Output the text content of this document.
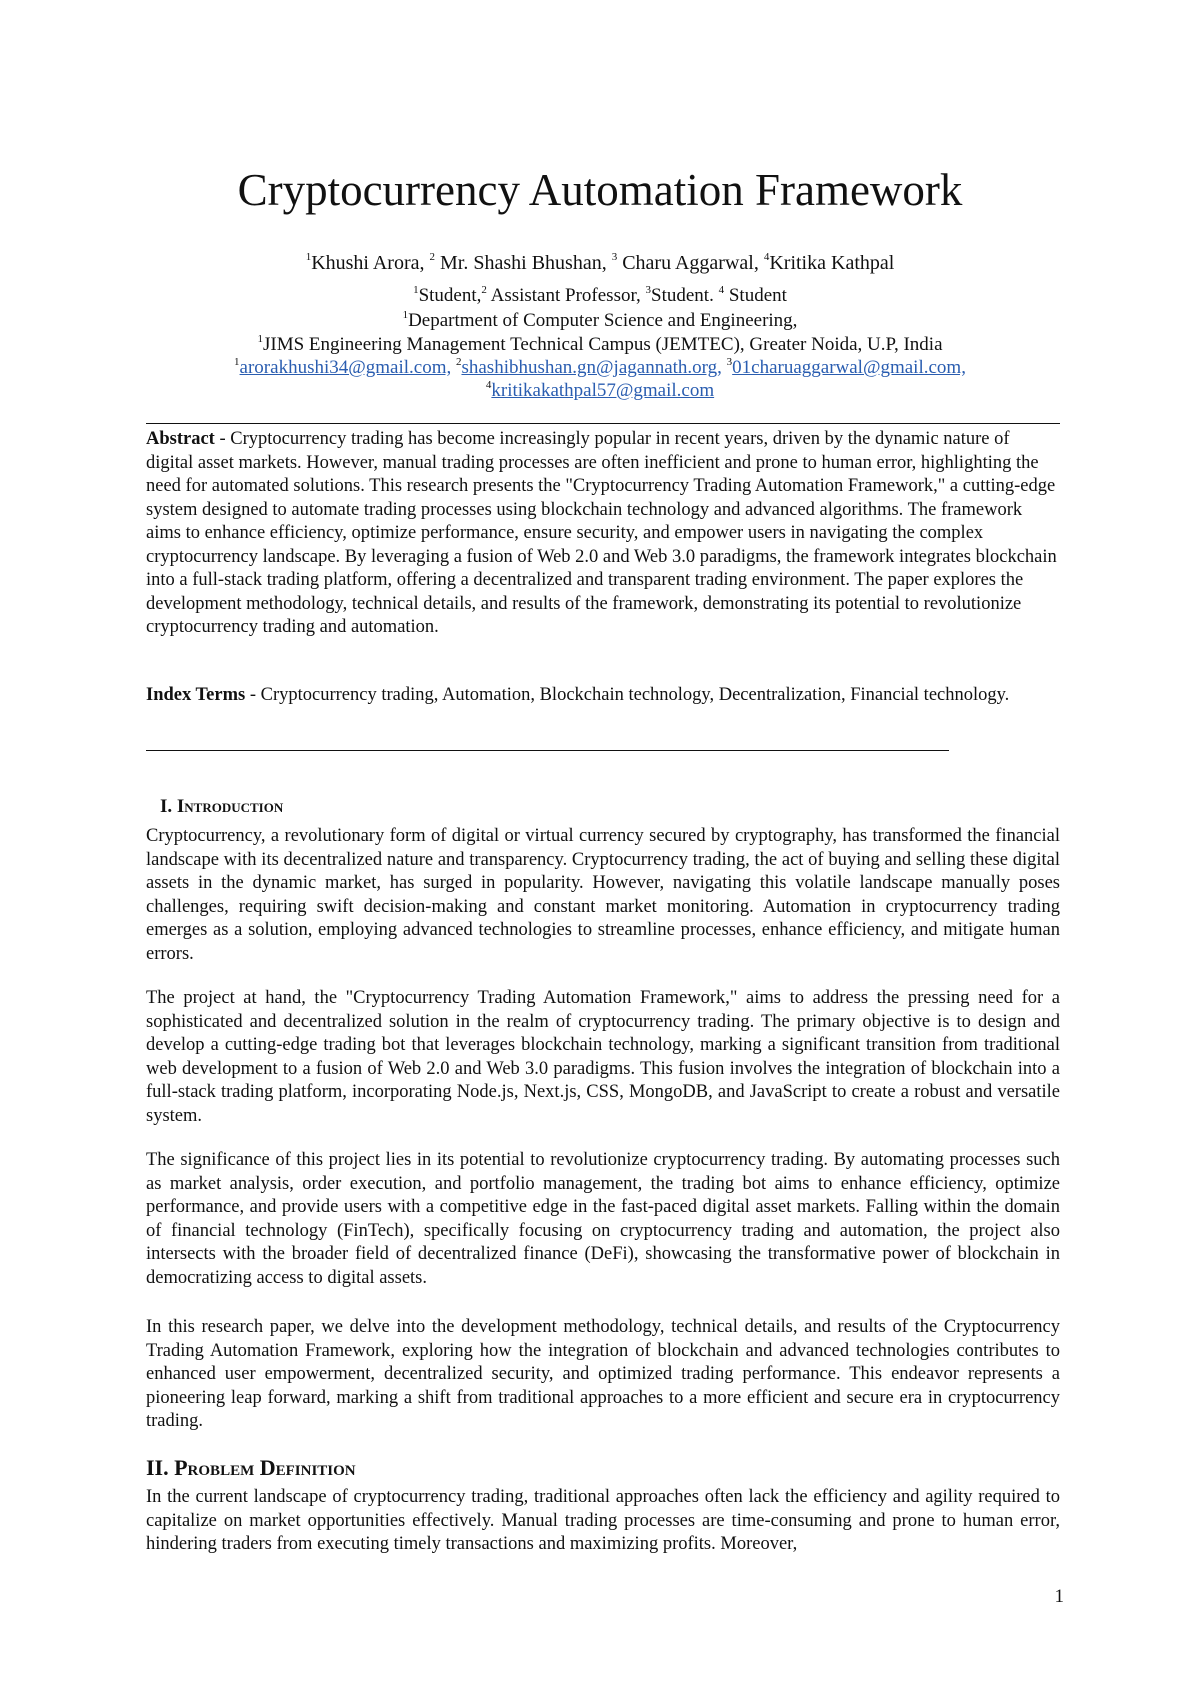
Cryptocurrency Automation Framework
$^1$Khushi Arora, $^2$ Mr. Shashi Bhushan, $^3$ Charu Aggarwal, $^4$Kritika Kathpal
$^1$Student,$^2$ Assistant Professor, $^3$Student. $^4$ Student
$^1$Department of Computer Science and Engineering,
$^1$JIMS Engineering Management Technical Campus (JEMTEC), Greater Noida, U.P, India
$^1$arorakhushi34@gmail.com, $^2$shashibhushan.gn@jagannath.org, $^3$01charuaggarwal@gmail.com,
$^4$kritikakathpal57@gmail.com

Abstract - Cryptocurrency trading has become increasingly popular in recent years, driven by the dynamic nature of digital asset markets. However, manual trading processes are often inefficient and prone to human error, highlighting the need for automated solutions. This research presents the "Cryptocurrency Trading Automation Framework," a cutting-edge system designed to automate trading processes using blockchain technology and advanced algorithms. The framework aims to enhance efficiency, optimize performance, ensure security, and empower users in navigating the complex cryptocurrency landscape. By leveraging a fusion of Web 2.0 and Web 3.0 paradigms, the framework integrates blockchain into a full-stack trading platform, offering a decentralized and transparent trading environment. The paper explores the development methodology, technical details, and results of the framework, demonstrating its potential to revolutionize cryptocurrency trading and automation.

Index Terms - Cryptocurrency trading, Automation, Blockchain technology, Decentralization, Financial technology.

I. Introduction

Cryptocurrency, a revolutionary form of digital or virtual currency secured by cryptography, has transformed the financial landscape with its decentralized nature and transparency. Cryptocurrency trading, the act of buying and selling these digital assets in the dynamic market, has surged in popularity. However, navigating this volatile landscape manually poses challenges, requiring swift decision-making and constant market monitoring. Automation in cryptocurrency trading emerges as a solution, employing advanced technologies to streamline processes, enhance efficiency, and mitigate human errors.

The project at hand, the "Cryptocurrency Trading Automation Framework," aims to address the pressing need for a sophisticated and decentralized solution in the realm of cryptocurrency trading. The primary objective is to design and develop a cutting-edge trading bot that leverages blockchain technology, marking a significant transition from traditional web development to a fusion of Web 2.0 and Web 3.0 paradigms. This fusion involves the integration of blockchain into a full-stack trading platform, incorporating Node.js, Next.js, CSS, MongoDB, and JavaScript to create a robust and versatile system.

The significance of this project lies in its potential to revolutionize cryptocurrency trading. By automating processes such as market analysis, order execution, and portfolio management, the trading bot aims to enhance efficiency, optimize performance, and provide users with a competitive edge in the fast-paced digital asset markets. Falling within the domain of financial technology (FinTech), specifically focusing on cryptocurrency trading and automation, the project also intersects with the broader field of decentralized finance (DeFi), showcasing the transformative power of blockchain in democratizing access to digital assets.

In this research paper, we delve into the development methodology, technical details, and results of the Cryptocurrency Trading Automation Framework, exploring how the integration of blockchain and advanced technologies contributes to enhanced user empowerment, decentralized security, and optimized trading performance. This endeavor represents a pioneering leap forward, marking a shift from traditional approaches to a more efficient and secure era in cryptocurrency trading.

II. Problem Definition

In the current landscape of cryptocurrency trading, traditional approaches often lack the efficiency and agility required to capitalize on market opportunities effectively. Manual trading processes are time-consuming and prone to human error, hindering traders from executing timely transactions and maximizing profits. Moreover,

1
